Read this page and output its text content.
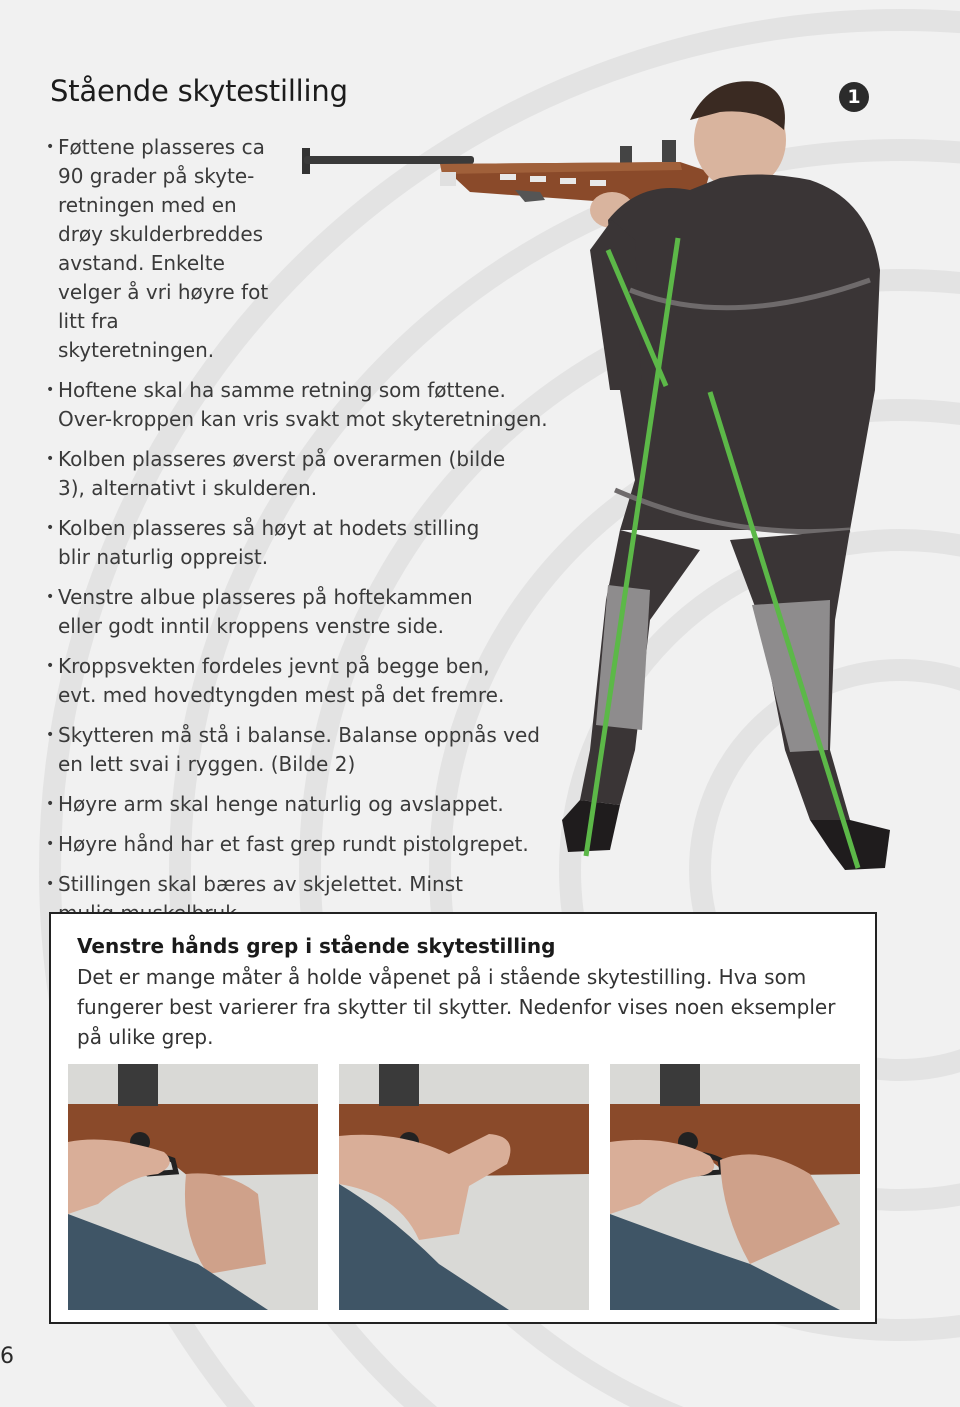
Stående skytestilling	1
• Føttene plasseres ca 90 grader på skyte-retningen med en drøy skulderbreddes avstand. Enkelte velger å vri høyre fot litt fra skyteretningen.
• Hoftene skal ha samme retning som føttene. Over-kroppen kan vris svakt mot skyteretningen.
• Kolben plasseres øverst på overarmen (bilde 3), alternativt i skulderen.
• Kolben plasseres så høyt at hodets stilling blir naturlig oppreist.
• Venstre albue plasseres på hoftekammen eller godt inntil kroppens venstre side.
• Kroppsvekten fordeles jevnt på begge ben, evt. med hovedtyngden mest på det fremre.
• Skytteren må stå i balanse. Balanse oppnås ved en lett svai i ryggen. (Bilde 2)
• Høyre arm skal henge naturlig og avslappet.
• Høyre hånd har et fast grep rundt pistolgrepet.
• Stillingen skal bæres av skjelettet. Minst
Venstre hånds grep i stående skytestilling

Det er mange måter å holde våpenet på i stående skytestilling. Hva som fungerer best varierer fra skytter til skytter. Nedenfor vises noen eksempler på ulike grep.

6
